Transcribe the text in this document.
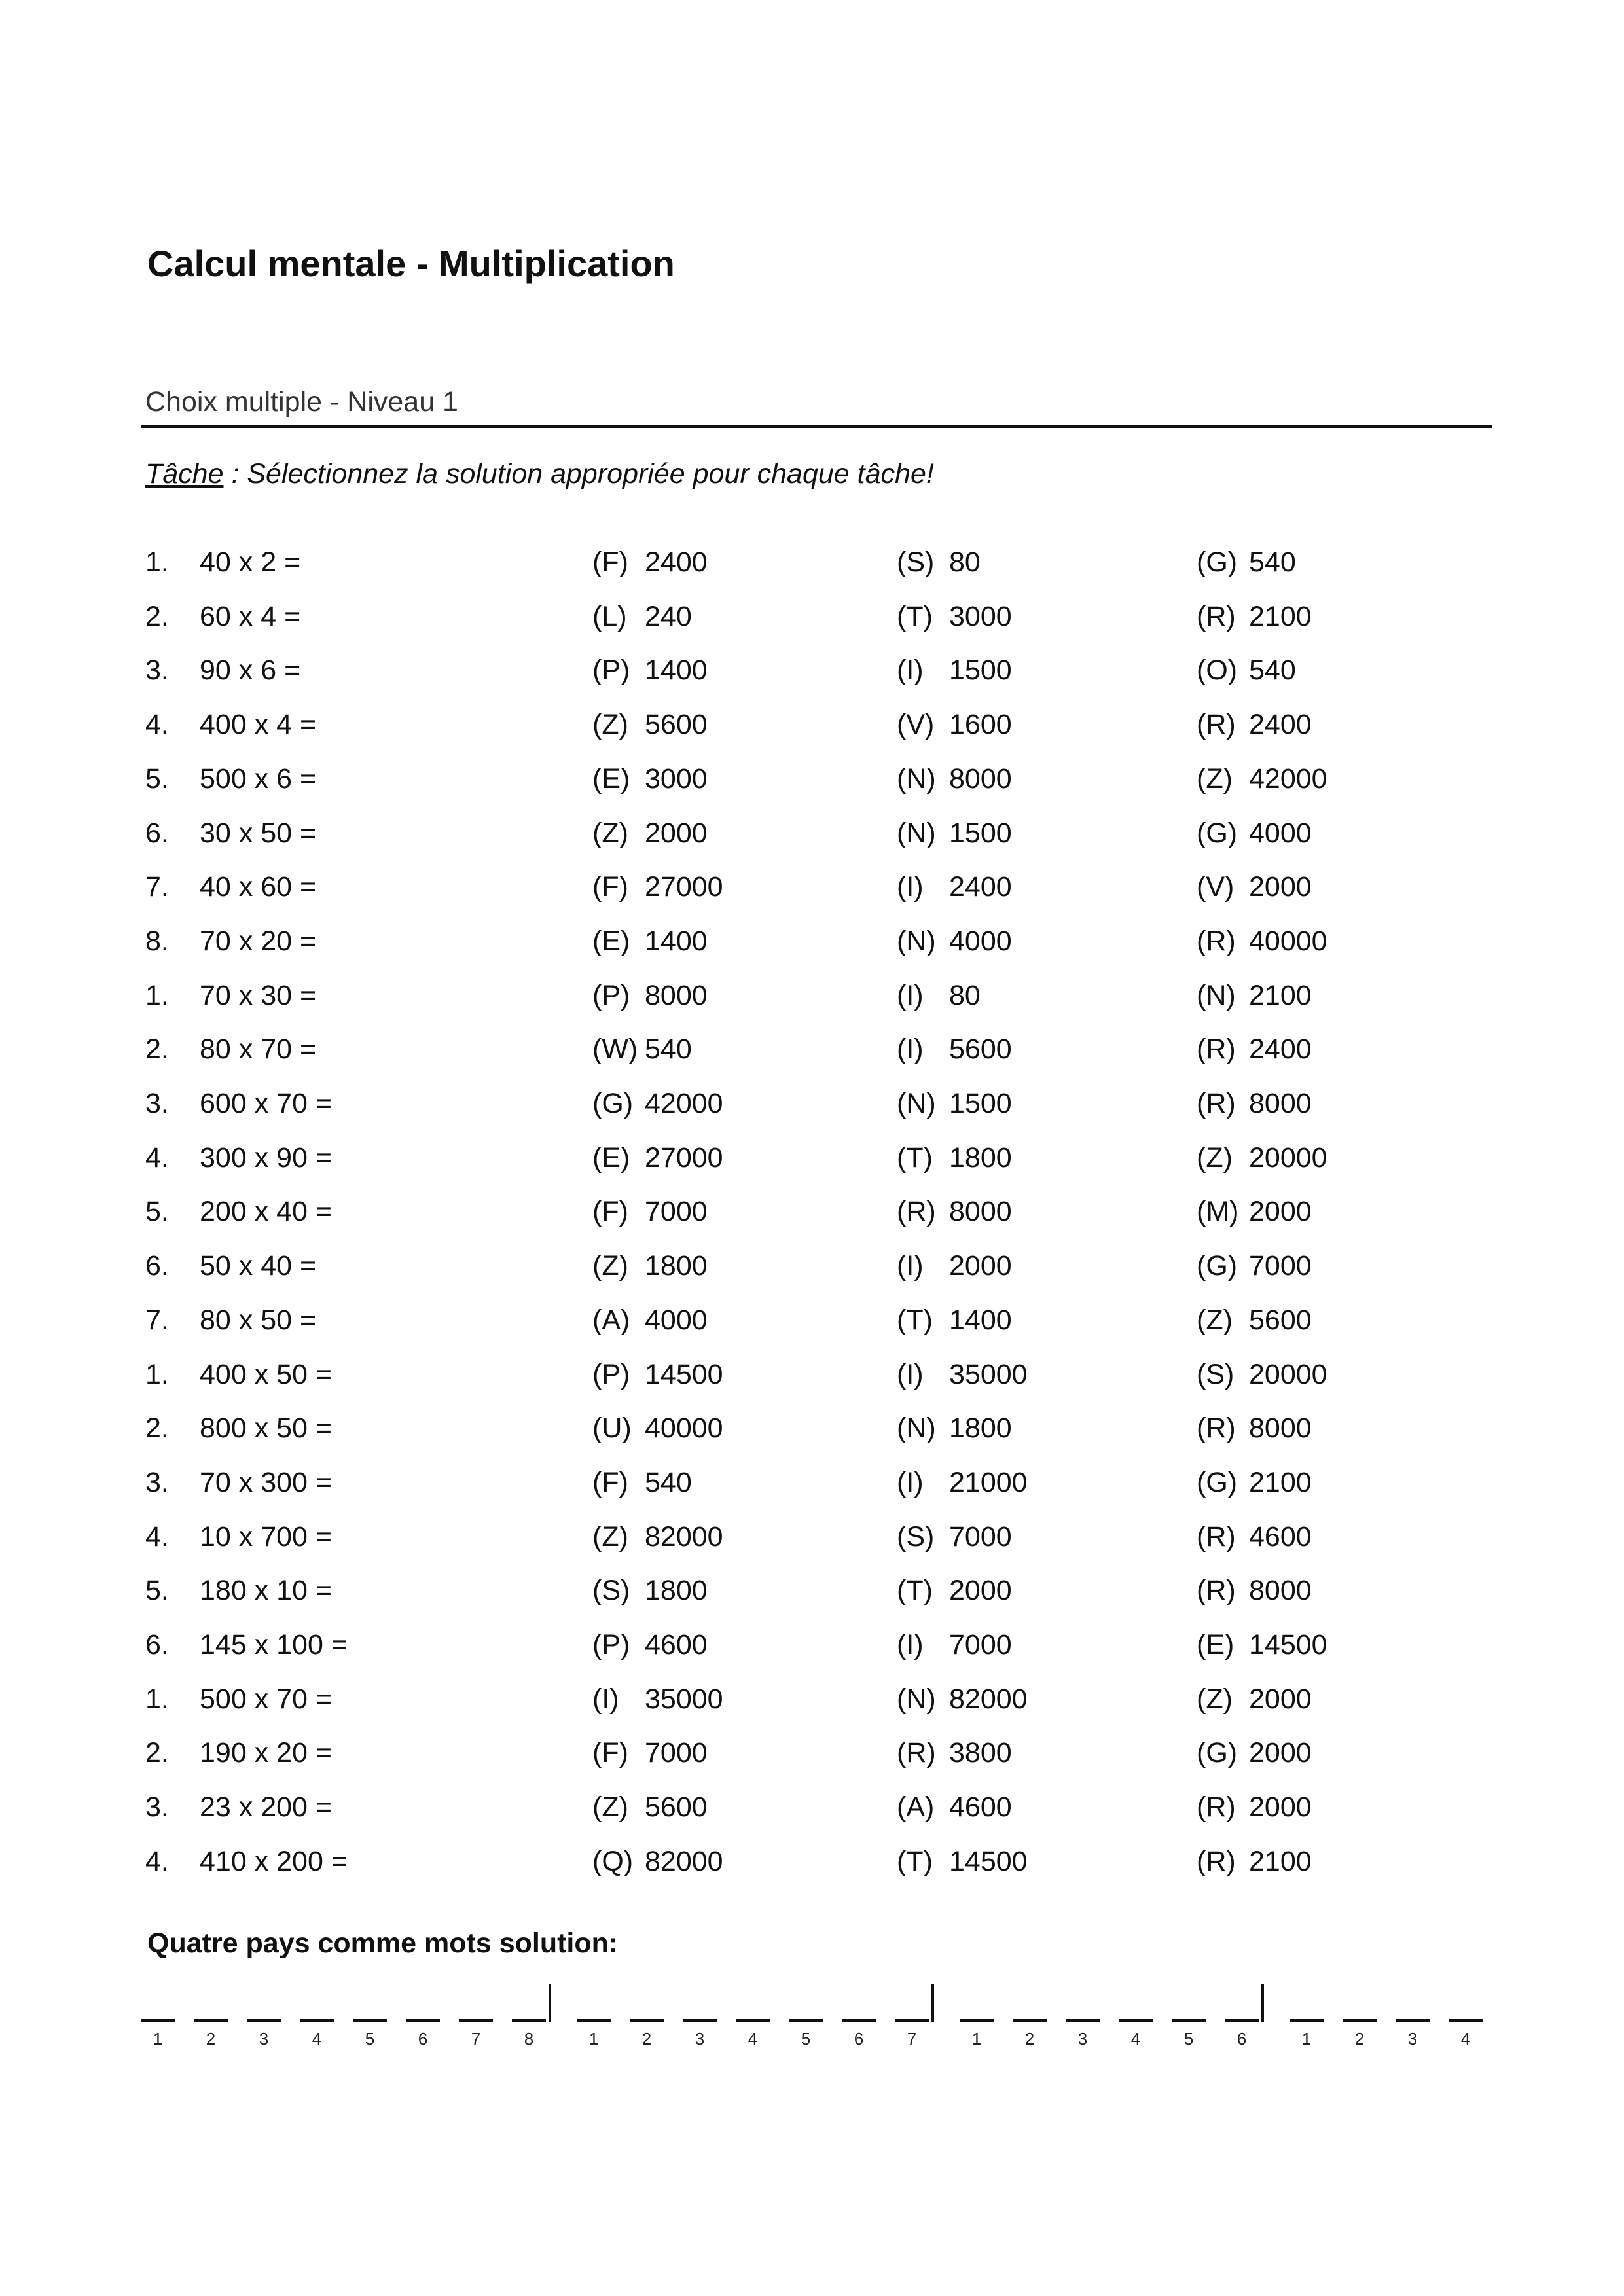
Calcul mentale - Multiplication
Choix multiple - Niveau 1
Tâche : Sélectionnez la solution appropriée pour chaque tâche!
1. 40 x 2 =	(F) 2400	(S) 80	(G) 540
2. 60 x 4 =	(L) 240	(T) 3000	(R) 2100
3. 90 x 6 =	(P) 1400	(I) 1500	(O) 540
4. 400 x 4 =	(Z) 5600	(V) 1600	(R) 2400
5. 500 x 6 =	(E) 3000	(N) 8000	(Z) 42000
6. 30 x 50 =	(Z) 2000	(N) 1500	(G) 4000
7. 40 x 60 =	(F) 27000	(I) 2400	(V) 2000
8. 70 x 20 =	(E) 1400	(N) 4000	(R) 40000
1. 70 x 30 =	(P) 8000	(I) 80	(N) 2100
2. 80 x 70 =	(W) 540	(I) 5600	(R) 2400
3. 600 x 70 =	(G) 42000	(N) 1500	(R) 8000
4. 300 x 90 =	(E) 27000	(T) 1800	(Z) 20000
5. 200 x 40 =	(F) 7000	(R) 8000	(M) 2000
6. 50 x 40 =	(Z) 1800	(I) 2000	(G) 7000
7. 80 x 50 =	(A) 4000	(T) 1400	(Z) 5600
1. 400 x 50 =	(P) 14500	(I) 35000	(S) 20000
2. 800 x 50 =	(U) 40000	(N) 1800	(R) 8000
3. 70 x 300 =	(F) 540	(I) 21000	(G) 2100
4. 10 x 700 =	(Z) 82000	(S) 7000	(R) 4600
5. 180 x 10 =	(S) 1800	(T) 2000	(R) 8000
6. 145 x 100 =	(P) 4600	(I) 7000	(E) 14500
1. 500 x 70 =	(I) 35000	(N) 82000	(Z) 2000
2. 190 x 20 =	(F) 7000	(R) 3800	(G) 2000
3. 23 x 200 =	(Z) 5600	(A) 4600	(R) 2000
4. 410 x 200 =	(Q) 82000	(T) 14500	(R) 2100
Quatre pays comme mots solution:
1	2	3	4	5	6	7	8	1	2	3	4	5	6	7	1	2	3	4	5	6	1	2	3	4
